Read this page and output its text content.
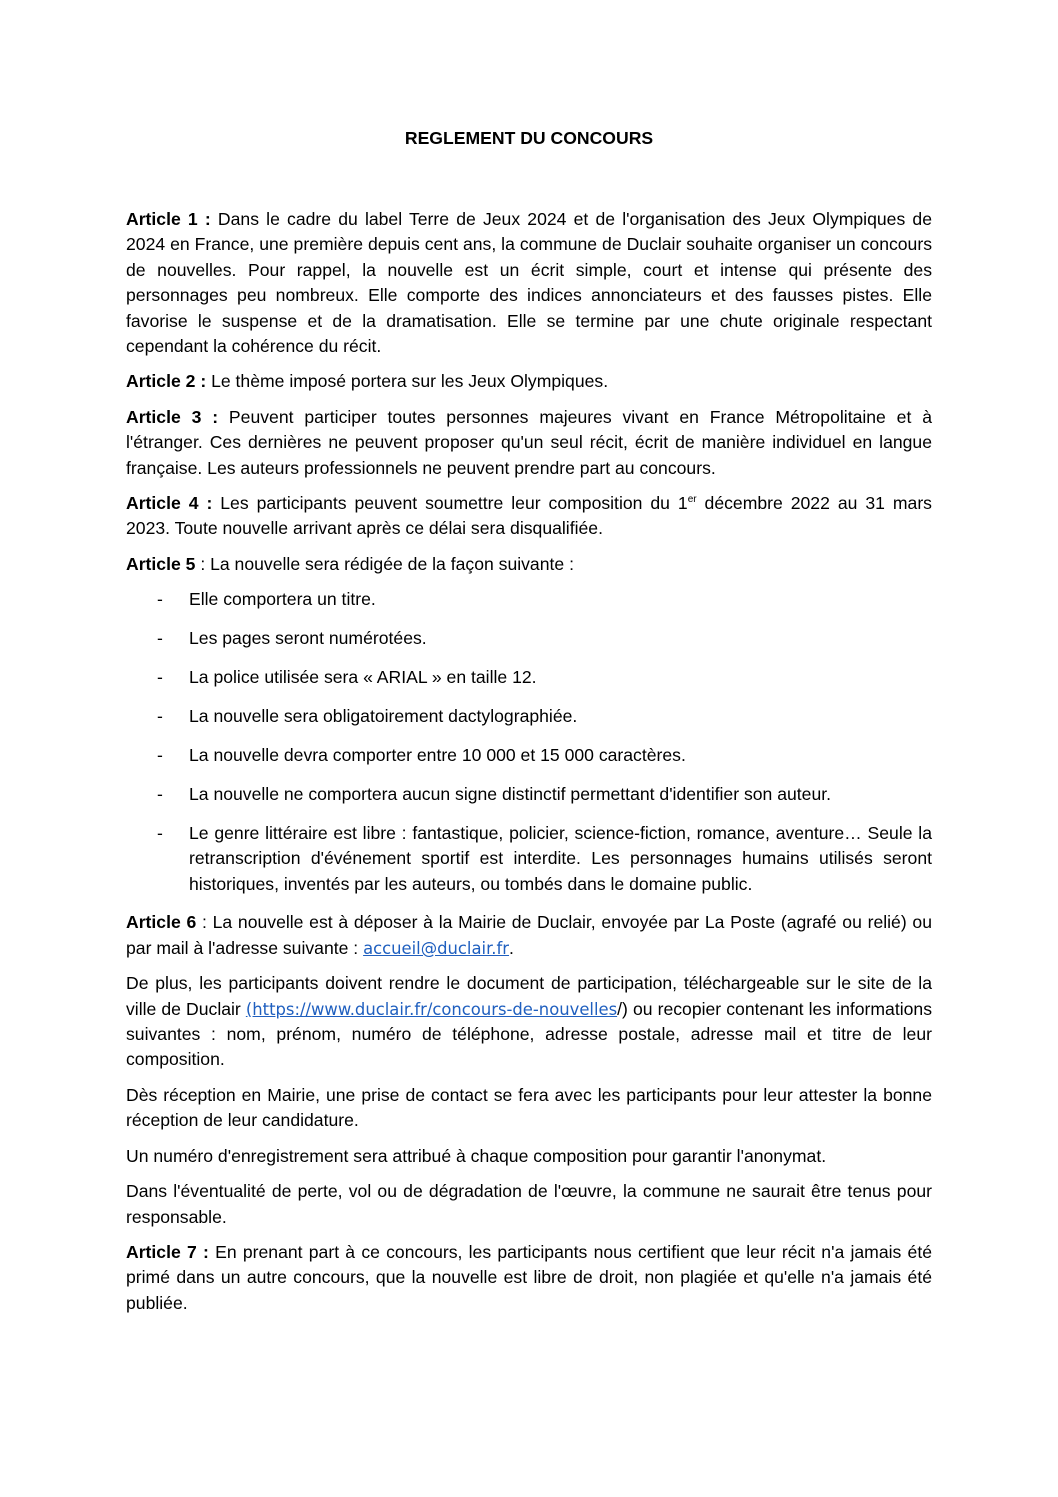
REGLEMENT DU CONCOURS

Article 1 : Dans le cadre du label Terre de Jeux 2024 et de l'organisation des Jeux Olympiques de 2024 en France, une première depuis cent ans, la commune de Duclair souhaite organiser un concours de nouvelles. Pour rappel, la nouvelle est un écrit simple, court et intense qui présente des personnages peu nombreux. Elle comporte des indices annonciateurs et des fausses pistes. Elle favorise le suspense et de la dramatisation. Elle se termine par une chute originale respectant cependant la cohérence du récit.

Article 2 : Le thème imposé portera sur les Jeux Olympiques.

Article 3 : Peuvent participer toutes personnes majeures vivant en France Métropolitaine et à l'étranger. Ces dernières ne peuvent proposer qu'un seul récit, écrit de manière individuel en langue française. Les auteurs professionnels ne peuvent prendre part au concours.

Article 4 : Les participants peuvent soumettre leur composition du 1er décembre 2022 au 31 mars 2023. Toute nouvelle arrivant après ce délai sera disqualifiée.

Article 5 : La nouvelle sera rédigée de la façon suivante :

- Elle comportera un titre.
- Les pages seront numérotées.
- La police utilisée sera « ARIAL » en taille 12.
- La nouvelle sera obligatoirement dactylographiée.
- La nouvelle devra comporter entre 10 000 et 15 000 caractères.
- La nouvelle ne comportera aucun signe distinctif permettant d'identifier son auteur.
- Le genre littéraire est libre : fantastique, policier, science-fiction, romance, aventure… Seule la retranscription d'événement sportif est interdite. Les personnages humains utilisés seront historiques, inventés par les auteurs, ou tombés dans le domaine public.

Article 6 : La nouvelle est à déposer à la Mairie de Duclair, envoyée par La Poste (agrafé ou relié) ou par mail à l'adresse suivante : accueil@duclair.fr.

De plus, les participants doivent rendre le document de participation, téléchargeable sur le site de la ville de Duclair (https://www.duclair.fr/concours-de-nouvelles/) ou recopier contenant les informations suivantes : nom, prénom, numéro de téléphone, adresse postale, adresse mail et titre de leur composition.

Dès réception en Mairie, une prise de contact se fera avec les participants pour leur attester la bonne réception de leur candidature.

Un numéro d'enregistrement sera attribué à chaque composition pour garantir l'anonymat.

Dans l'éventualité de perte, vol ou de dégradation de l'œuvre, la commune ne saurait être tenus pour responsable.

Article 7 : En prenant part à ce concours, les participants nous certifient que leur récit n'a jamais été primé dans un autre concours, que la nouvelle est libre de droit, non plagiée et qu'elle n'a jamais été publiée.
